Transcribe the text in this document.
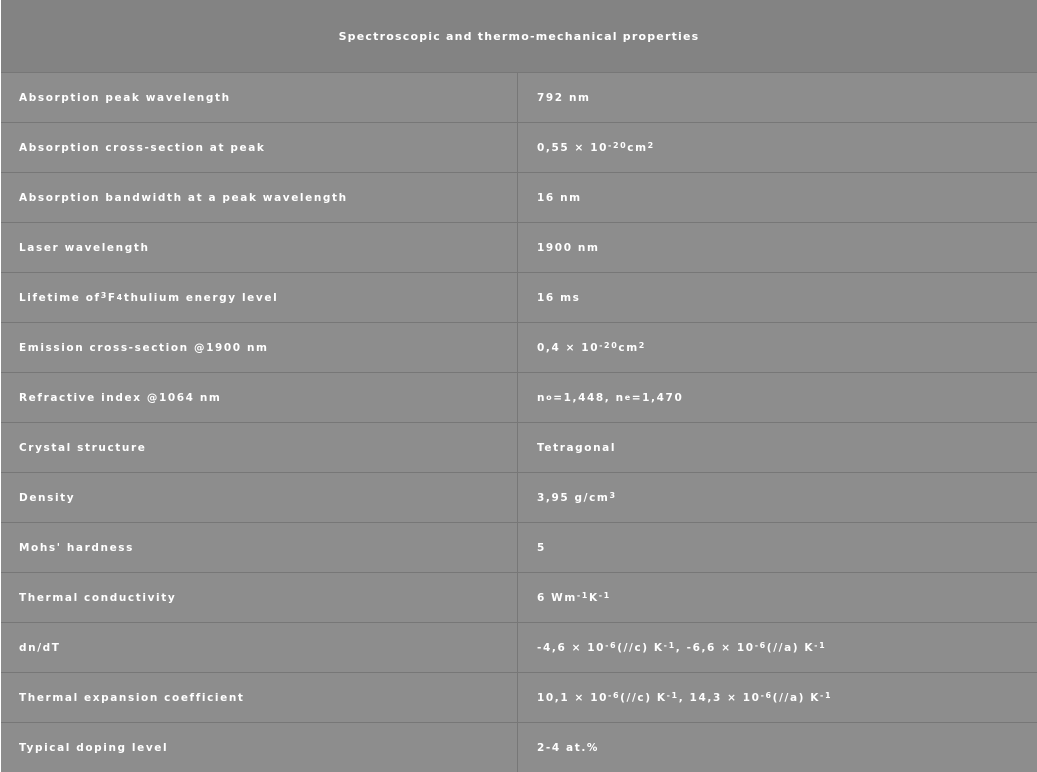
Spectroscopic and thermo-mechanical properties
Absorption peak wavelength	792 nm
Absorption cross-section at peak	$0,55 \times 10^{-20}$ $cm^2$
Absorption bandwidth at a peak wavelength	16 nm
Laser wavelength	1900 nm
Lifetime of $^3$ F 4 thulium energy level	16 ms
Emission cross-section @1900 nm	$0,4 \times 10^{-20}$ $cm^2$
Refractive index @1064 nm	n o =1,448, n e =1,470
Crystal structure	Tetragonal
Density	3,95 $g/cm^3$
Mohs' hardness	5
Thermal conductivity	6 $Wm^{-1}$ $K^{-1}$
dn/dT	$-4,6 \times 10^{-6}$ (//c) $K^{-1}$ , $-6,6 \times 10^{-6}$ (//a) $K^{-1}$
Thermal expansion coefficient	$10,1 \times 10^{-6}$ (//c) $K^{-1}$ , $14,3 \times 10^{-6}$ (//a) $K^{-1}$
Typical doping level	2-4 at.%
